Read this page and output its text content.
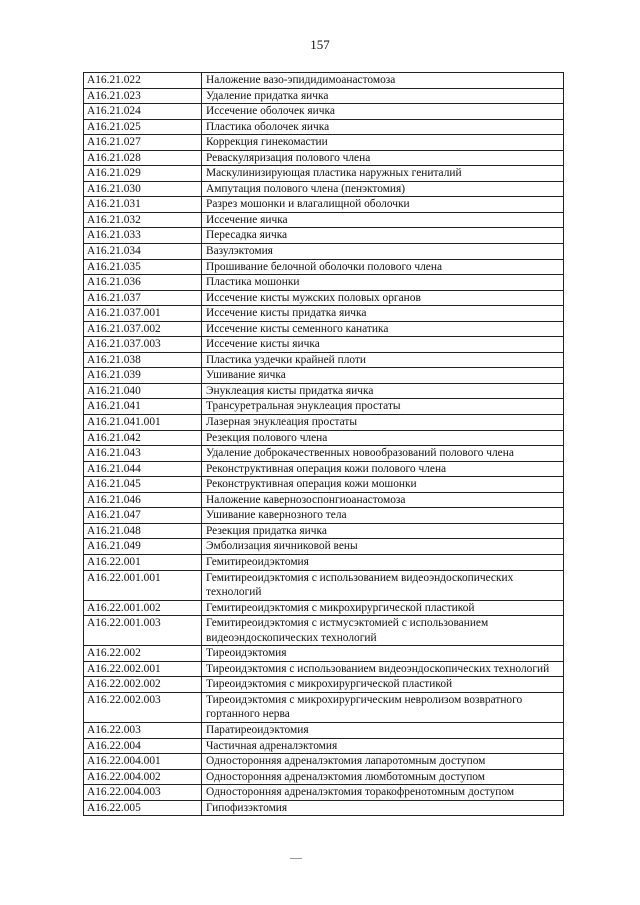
157
A16.21.022	Наложение вазо-эпидидимоанастомоза
A16.21.023	Удаление придатка яичка
A16.21.024	Иссечение оболочек яичка
A16.21.025	Пластика оболочек яичка
A16.21.027	Коррекция гинекомастии
A16.21.028	Реваскуляризация полового члена
A16.21.029	Маскулинизирующая пластика наружных гениталий
A16.21.030	Ампутация полового члена (пенэктомия)
A16.21.031	Разрез мошонки и влагалищной оболочки
A16.21.032	Иссечение яичка
A16.21.033	Пересадка яичка
A16.21.034	Вазулэктомия
A16.21.035	Прошивание белочной оболочки полового члена
A16.21.036	Пластика мошонки
A16.21.037	Иссечение кисты мужских половых органов
A16.21.037.001	Иссечение кисты придатка яичка
A16.21.037.002	Иссечение кисты семенного канатика
A16.21.037.003	Иссечение кисты яичка
A16.21.038	Пластика уздечки крайней плоти
A16.21.039	Ушивание яичка
A16.21.040	Энуклеация кисты придатка яичка
A16.21.041	Трансуретральная энуклеация простаты
A16.21.041.001	Лазерная энуклеация простаты
A16.21.042	Резекция полового члена
A16.21.043	Удаление доброкачественных новообразований полового члена
A16.21.044	Реконструктивная операция кожи полового члена
A16.21.045	Реконструктивная операция кожи мошонки
A16.21.046	Наложение кавернозоспонгиоанастомоза
A16.21.047	Ушивание кавернозного тела
A16.21.048	Резекция придатка яичка
A16.21.049	Эмболизация яичниковой вены
A16.22.001	Гемитиреоидэктомия
A16.22.001.001	Гемитиреоидэктомия с использованием видеоэндоскопических технологий
A16.22.001.002	Гемитиреоидэктомия с микрохирургической пластикой
A16.22.001.003	Гемитиреоидэктомия с истмусэктомией с использованием видеоэндоскопических технологий
A16.22.002	Тиреоидэктомия
A16.22.002.001	Тиреоидэктомия с использованием видеоэндоскопических технологий
A16.22.002.002	Тиреоидэктомия с микрохирургической пластикой
A16.22.002.003	Тиреоидэктомия с микрохирургическим невролизом возвратного гортанного нерва
A16.22.003	Паратиреоидэктомия
A16.22.004	Частичная адреналэктомия
A16.22.004.001	Односторонняя адреналэктомия лапаротомным доступом
A16.22.004.002	Односторонняя адреналэктомия люмботомным доступом
A16.22.004.003	Односторонняя адреналэктомия торакофренотомным доступом
A16.22.005	Гипофизэктомия
